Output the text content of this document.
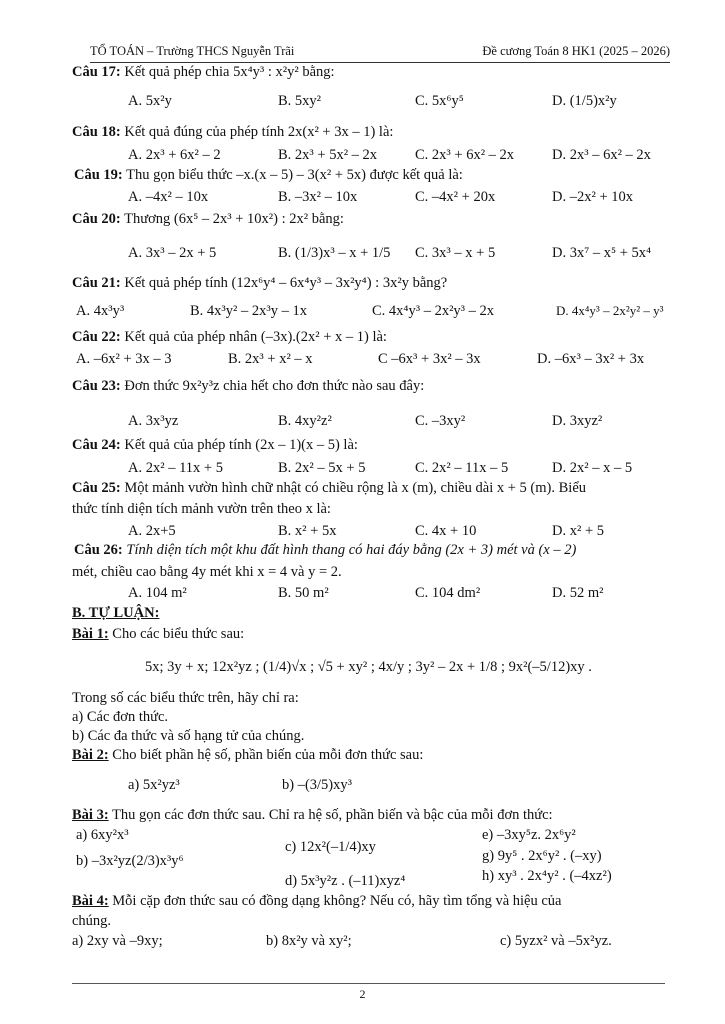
TỔ TOÁN – Trường THCS Nguyễn Trãi	Đề cương Toán 8 HK1 (2025 – 2026)
Câu 17: Kết quả phép chia 5x⁴y³ : x²y² bằng:
A. 5x²y	B. 5xy²	C. 5x⁶y⁵	D. (1/5)x²y
Câu 18: Kết quả đúng của phép tính 2x(x² + 3x – 1) là:
A. 2x³ + 6x² – 2	B. 2x³ + 5x² – 2x	C. 2x³ + 6x² – 2x	D. 2x³ – 6x² – 2x
Câu 19: Thu gọn biểu thức –x.(x – 5) – 3(x² + 5x) được kết quả là:
A. –4x² – 10x	B. –3x² – 10x	C. –4x² + 20x	D. –2x² + 10x
Câu 20: Thương (6x⁵ – 2x³ + 10x²) : 2x² bằng:
A. 3x³ – 2x + 5	B. (1/3)x³ – x + 1/5 C. 3x³ – x + 5	D. 3x⁷ – x⁵ + 5x⁴
Câu 21: Kết quả phép tính (12x⁶y⁴ – 6x⁴y³ – 3x²y⁴) : 3x²y bằng?
A. 4x³y³	B. 4x³y² – 2x³y – 1x	C. 4x⁴y³ – 2x²y³ – 2x	D. 4x⁴y³ – 2x²y² – y³
Câu 22: Kết quả của phép nhân (–3x).(2x² + x – 1) là:
A. –6x² + 3x – 3	B. 2x³ + x² – x	C –6x³ + 3x² – 3x	D. –6x³ – 3x² + 3x
Câu 23: Đơn thức 9x²y³z chia hết cho đơn thức nào sau đây:
A. 3x³yz	B. 4xy²z²	C. –3xy²	D. 3xyz²
Câu 24: Kết quả của phép tính (2x – 1)(x – 5) là:
A. 2x² – 11x + 5	B. 2x² – 5x + 5	C. 2x² – 11x – 5	D. 2x² – x – 5
Câu 25: Một mảnh vườn hình chữ nhật có chiều rộng là x (m), chiều dài x + 5 (m). Biểu
thức tính diện tích mảnh vườn trên theo x là:
A. 2x+5	B. x² + 5x	C. 4x + 10	D. x² + 5
Câu 26: Tính diện tích một khu đất hình thang có hai đáy bằng (2x + 3) mét và (x – 2)
mét, chiều cao bằng 4y mét khi x = 4 và y = 2.
A. 104 m²	B. 50 m²	C. 104 dm²	D. 52 m²
B. TỰ LUẬN:
Bài 1: Cho các biểu thức sau:
5x; 3y + x; 12x²yz ; (1/4)√x ; √5 + xy² ; 4x/y ; 3y² – 2x + 1/8 ; 9x²(–5/12)xy .
Trong số các biểu thức trên, hãy chỉ ra:
a) Các đơn thức.
b) Các đa thức và số hạng tử của chúng.
Bài 2: Cho biết phần hệ số, phần biến của mỗi đơn thức sau:
a) 5x²yz³	b) –(3/5)xy³
Bài 3: Thu gọn các đơn thức sau. Chỉ ra hệ số, phần biến và bậc của mỗi đơn thức:
a) 6xy²x³
b) –3x²yz(2/3)x³y⁶
c) 12x²(–1/4)xy
d) 5x³y²z . (–11)xyz⁴
e) –3xy⁵z. 2x⁶y²
g) 9y⁵ . 2x⁶y² . (–xy)
h) xy³ . 2x⁴y² . (–4xz²)
Bài 4: Mỗi cặp đơn thức sau có đồng dạng không? Nếu có, hãy tìm tổng và hiệu của
chúng.
a) 2xy và –9xy;	b) 8x²y và xy²;	c) 5yzx² và –5x²yz.
2
